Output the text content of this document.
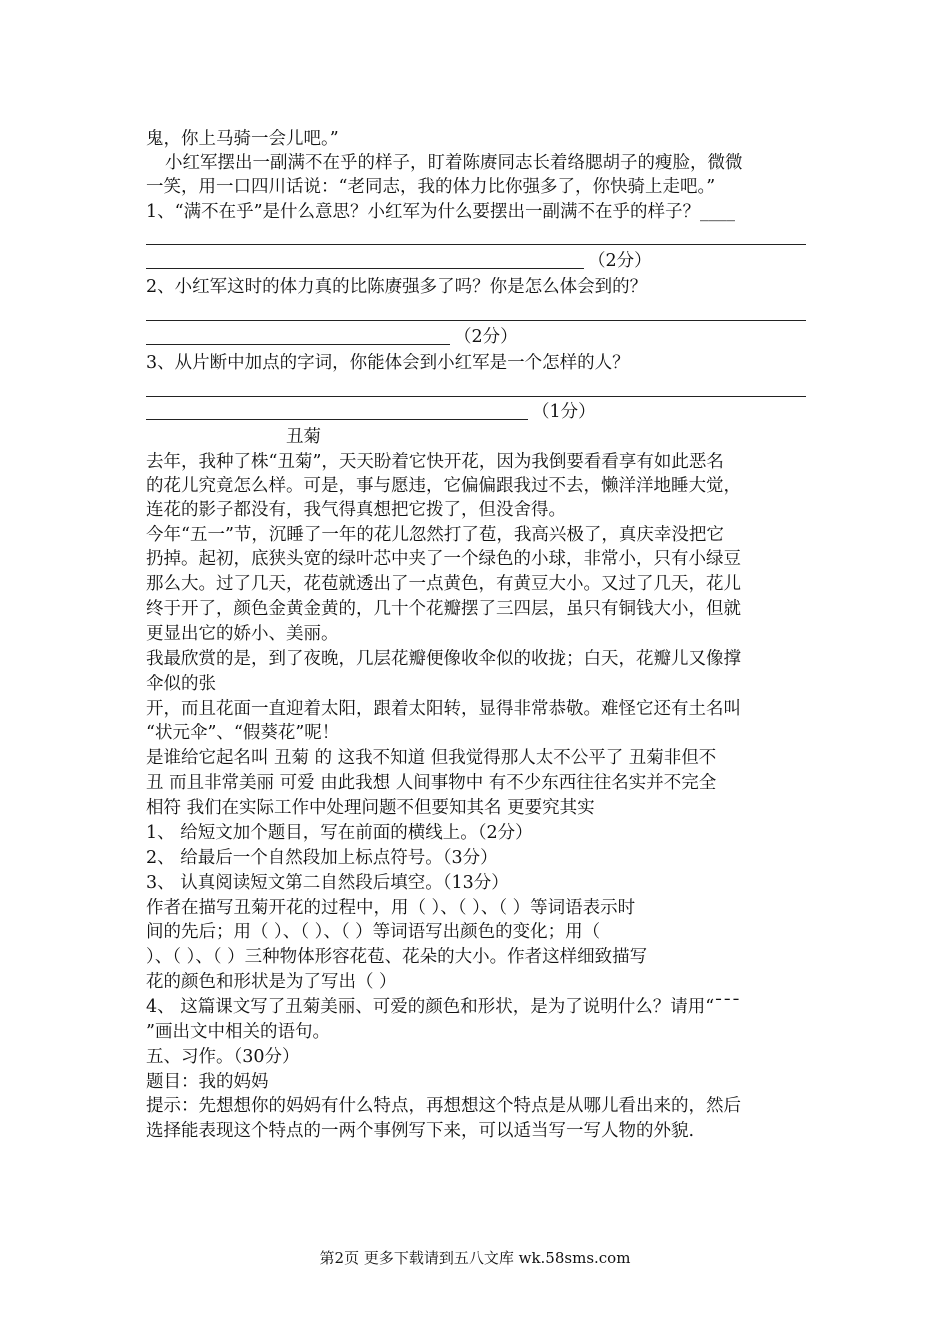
鬼，你上马骑一会儿吧。”
小红军摆出一副满不在乎的样子，盯着陈赓同志长着络腮胡子的瘦脸，微微
一笑，用一口四川话说：“老同志，我的体力比你强多了，你快骑上走吧。”
1、“满不在乎”是什么意思？小红军为什么要摆出一副满不在乎的样子？____
（2分）
2、小红军这时的体力真的比陈赓强多了吗？你是怎么体会到的？
（2分）
3、从片断中加点的字词，你能体会到小红军是一个怎样的人？
（1分）
丑菊
去年，我种了株“丑菊”，天天盼着它快开花，因为我倒要看看享有如此恶名
的花儿究竟怎么样。可是，事与愿违，它偏偏跟我过不去，懒洋洋地睡大觉，
连花的影子都没有，我气得真想把它拨了，但没舍得。
今年“五一”节，沉睡了一年的花儿忽然打了苞，我高兴极了，真庆幸没把它
扔掉。起初，底狭头宽的绿叶芯中夹了一个绿色的小球，非常小，只有小绿豆
那么大。过了几天，花苞就透出了一点黄色，有黄豆大小。又过了几天，花儿
终于开了，颜色金黄金黄的，几十个花瓣摆了三四层，虽只有铜钱大小，但就
更显出它的娇小、美丽。
我最欣赏的是，到了夜晚，几层花瓣便像收伞似的收拢；白天，花瓣儿又像撑
伞似的张
开，而且花面一直迎着太阳，跟着太阳转，显得非常恭敬。难怪它还有土名叫
“状元伞”、“假葵花”呢！
是谁给它起名叫 丑菊 的 这我不知道 但我觉得那人太不公平了 丑菊非但不
丑 而且非常美丽 可爱 由此我想 人间事物中 有不少东西往往名实并不完全
相符 我们在实际工作中处理问题不但要知其名 更要究其实
1、 给短文加个题目，写在前面的横线上。（2分）
2、 给最后一个自然段加上标点符号。（3分）
3、 认真阅读短文第二自然段后填空。（13分）
作者在描写丑菊开花的过程中，用（ ）、（ ）、（ ）等词语表示时
间的先后；用（ ）、（ ）、（ ）等词语写出颜色的变化；用（
）、（ ）、（ ）三种物体形容花苞、花朵的大小。作者这样细致描写
花的颜色和形状是为了写出（ ）
4、 这篇课文写了丑菊美丽、可爱的颜色和形状，是为了说明什么？请用“ˉˉˉ
”画出文中相关的语句。
五、习作。（30分）
题目：我的妈妈
提示：先想想你的妈妈有什么特点，再想想这个特点是从哪儿看出来的，然后
选择能表现这个特点的一两个事例写下来，可以适当写一写人物的外貌.
第2页 更多下载请到五八文库 wk.58sms.com
